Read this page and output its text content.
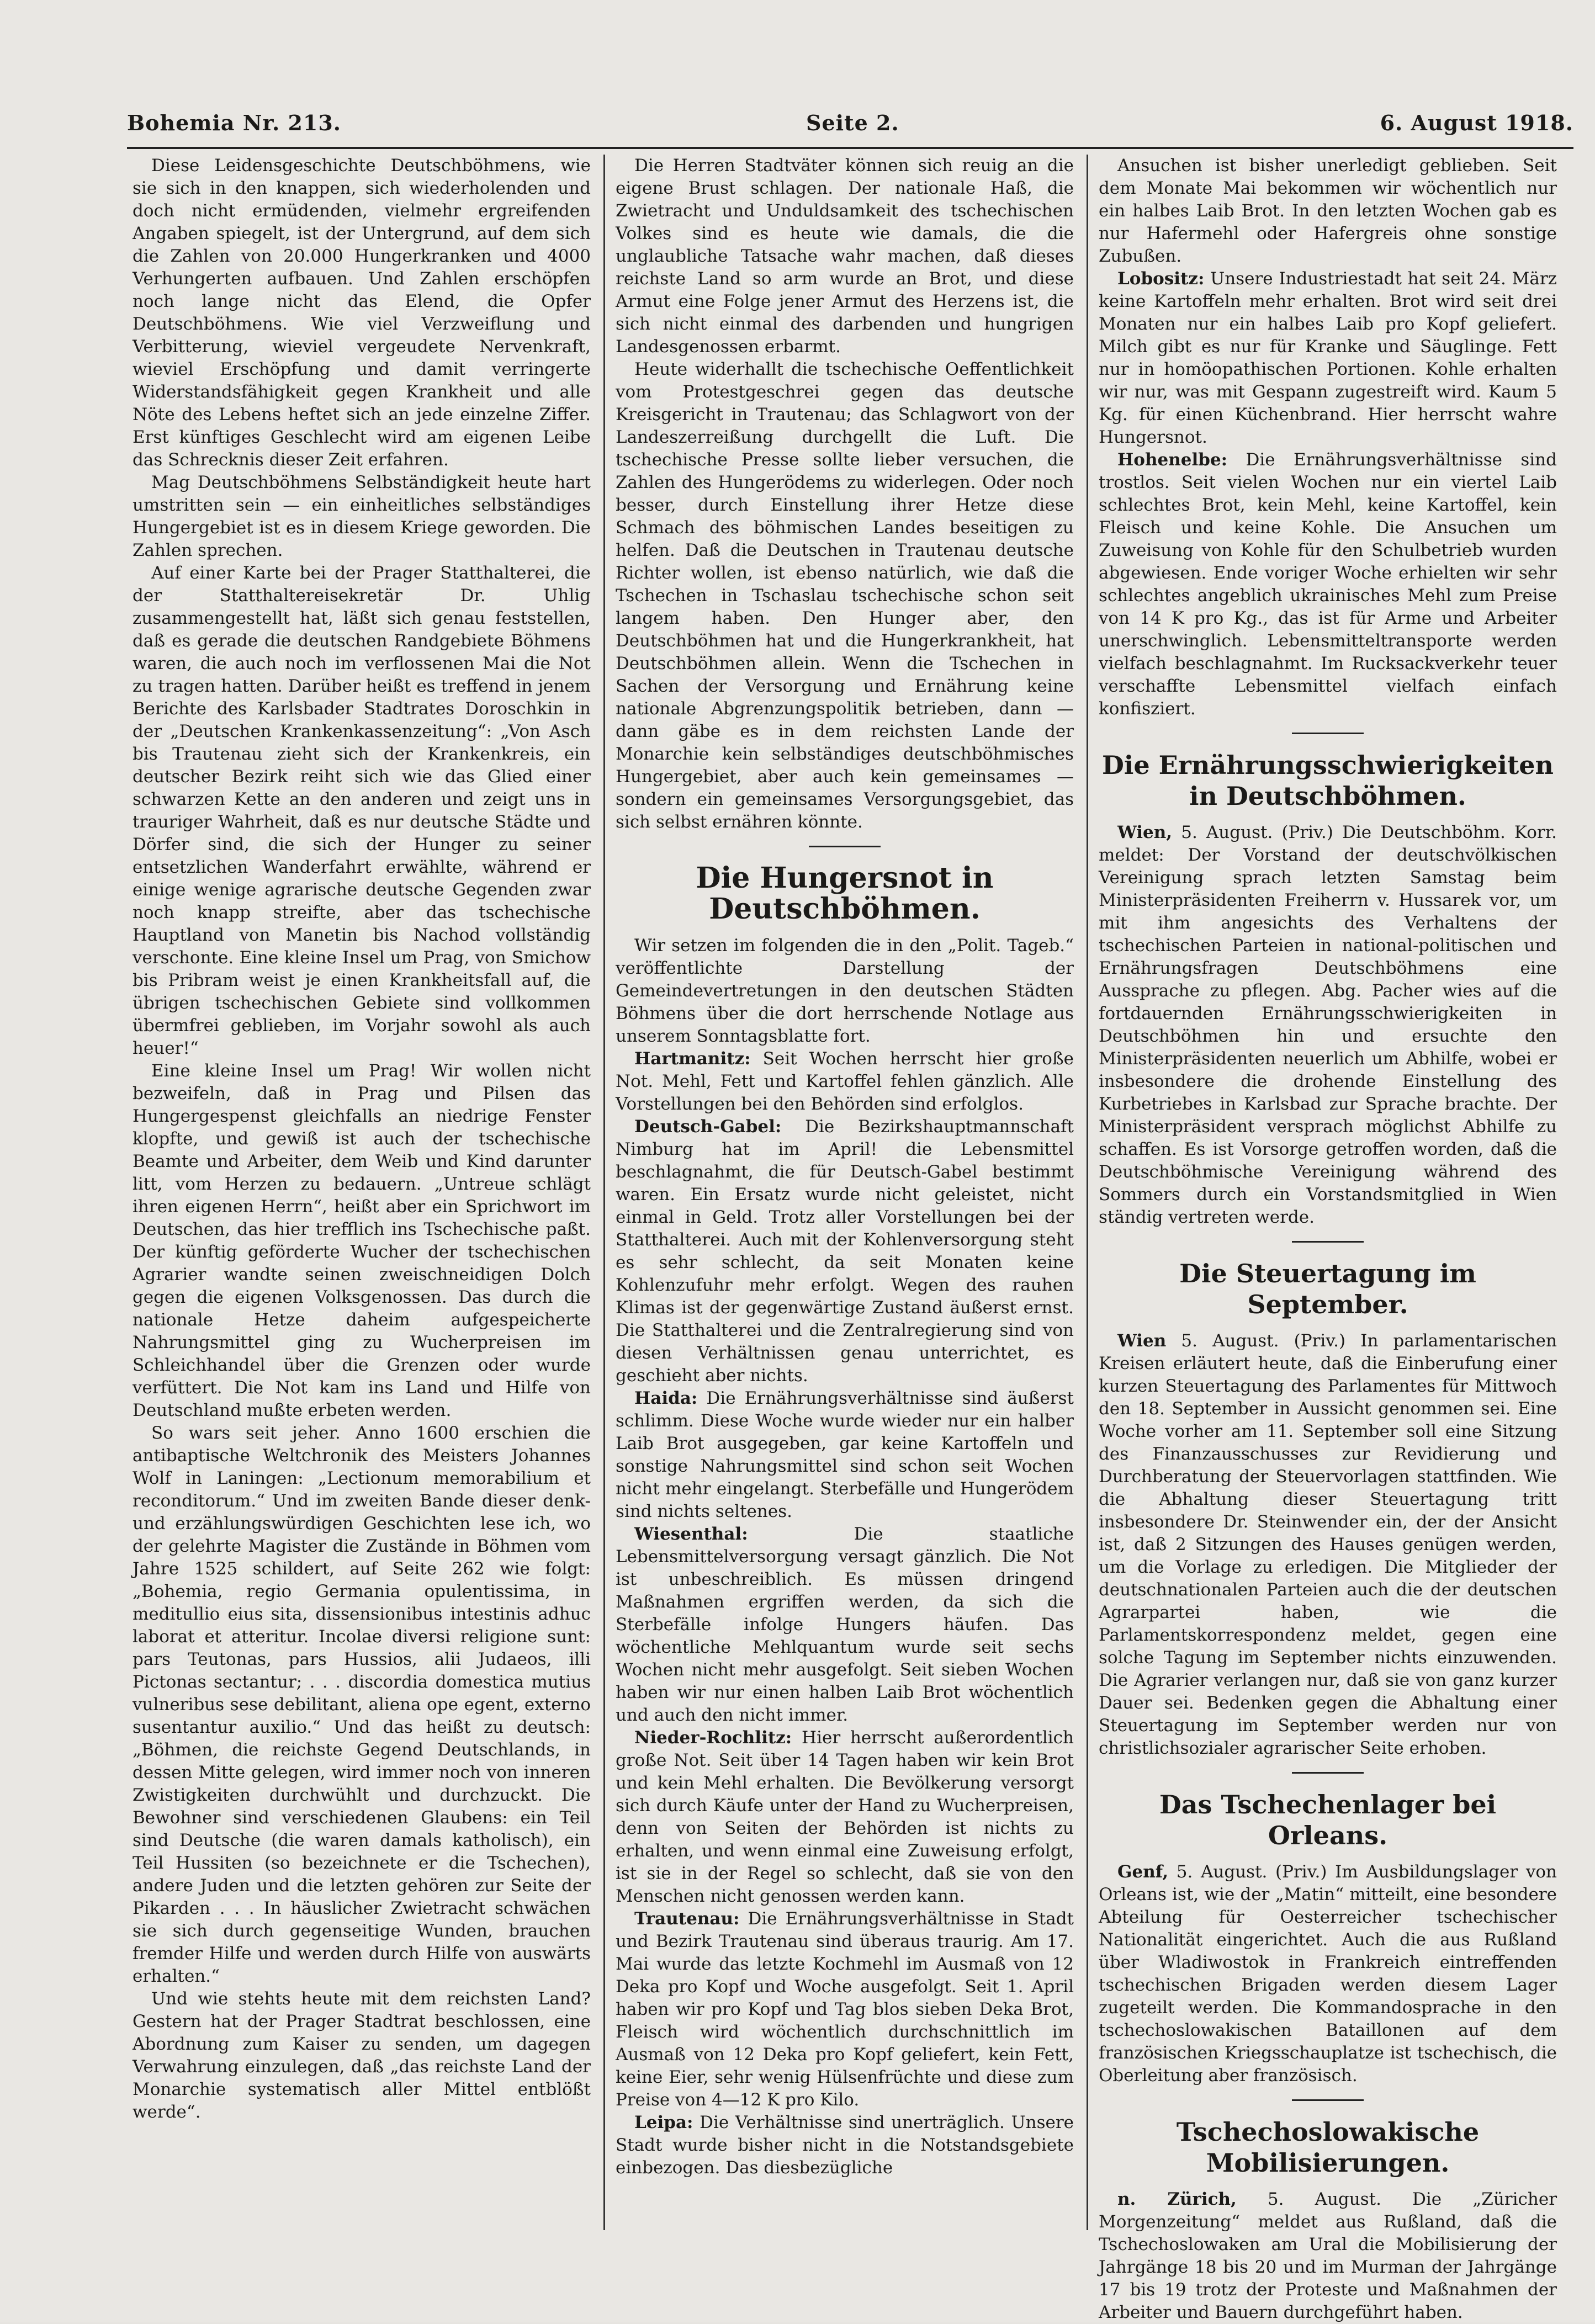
Bohemia Nr. 213.	Seite 2.	6. August 1918.

Diese Leidensgeschichte Deutschböhmens, wie sie sich in den knappen, sich wiederholenden und doch nicht ermüdenden, vielmehr ergreifenden Angaben spiegelt, ist der Untergrund, auf dem sich die Zahlen von 20.000 Hungerkranken und 4000 Verhungerten aufbauen. Und Zahlen erschöpfen noch lange nicht das Elend, die Opfer Deutschböhmens. Wie viel Verzweiflung und Verbitterung, wieviel vergeudete Nervenkraft, wieviel Erschöpfung und damit verringerte Widerstandsfähigkeit gegen Krankheit und alle Nöte des Lebens heftet sich an jede einzelne Ziffer. Erst künftiges Geschlecht wird am eigenen Leibe das Schrecknis dieser Zeit erfahren.

Mag Deutschböhmens Selbständigkeit heute hart umstritten sein — ein einheitliches selbständiges Hungergebiet ist es in diesem Kriege geworden. Die Zahlen sprechen.

Auf einer Karte bei der Prager Statthalterei, die der Statthaltereisekretär Dr. Uhlig zusammengestellt hat, läßt sich genau feststellen, daß es gerade die deutschen Randgebiete Böhmens waren, die auch noch im verflossenen Mai die Not zu tragen hatten. Darüber heißt es treffend in jenem Berichte des Karlsbader Stadtrates Doroschkin in der „Deutschen Krankenkassenzeitung“: „Von Asch bis Trautenau zieht sich der Krankenkreis, ein deutscher Bezirk reiht sich wie das Glied einer schwarzen Kette an den anderen und zeigt uns in trauriger Wahrheit, daß es nur deutsche Städte und Dörfer sind, die sich der Hunger zu seiner entsetzlichen Wanderfahrt erwählte, während er einige wenige agrarische deutsche Gegenden zwar noch knapp streifte, aber das tschechische Hauptland von Manetin bis Nachod vollständig verschonte. Eine kleine Insel um Prag, von Smichow bis Pribram weist je einen Krankheitsfall auf, die übrigen tschechischen Gebiete sind vollkommen übermfrei geblieben, im Vorjahr sowohl als auch heuer!“

Eine kleine Insel um Prag! Wir wollen nicht bezweifeln, daß in Prag und Pilsen das Hungergespenst gleichfalls an niedrige Fenster klopfte, und gewiß ist auch der tschechische Beamte und Arbeiter, dem Weib und Kind darunter litt, vom Herzen zu bedauern. „Untreue schlägt ihren eigenen Herrn“, heißt aber ein Sprichwort im Deutschen, das hier trefflich ins Tschechische paßt. Der künftig geförderte Wucher der tschechischen Agrarier wandte seinen zweischneidigen Dolch gegen die eigenen Volksgenossen. Das durch die nationale Hetze daheim aufgespeicherte Nahrungsmittel ging zu Wucherpreisen im Schleichhandel über die Grenzen oder wurde verfüttert. Die Not kam ins Land und Hilfe von Deutschland mußte erbeten werden.

So wars seit jeher. Anno 1600 erschien die antibaptische Weltchronik des Meisters Johannes Wolf in Laningen: „Lectionum memorabilium et reconditorum.“ Und im zweiten Bande dieser denk- und erzählungswürdigen Geschichten lese ich, wo der gelehrte Magister die Zustände in Böhmen vom Jahre 1525 schildert, auf Seite 262 wie folgt: „Bohemia, regio Germania opulentissima, in meditullio eius sita, dissensionibus intestinis adhuc laborat et atteritur. Incolae diversi religione sunt: pars Teutonas, pars Hussios, alii Judaeos, illi Pictonas sectantur; . . . discordia domestica mutius vulneribus sese debilitant, aliena ope egent, externo susentantur auxilio.“ Und das heißt zu deutsch: „Böhmen, die reichste Gegend Deutschlands, in dessen Mitte gelegen, wird immer noch von inneren Zwistigkeiten durchwühlt und durchzuckt. Die Bewohner sind verschiedenen Glaubens: ein Teil sind Deutsche (die waren damals katholisch), ein Teil Hussiten (so bezeichnete er die Tschechen), andere Juden und die letzten gehören zur Seite der Pikarden . . . In häuslicher Zwietracht schwächen sie sich durch gegenseitige Wunden, brauchen fremder Hilfe und werden durch Hilfe von auswärts erhalten.“

Und wie stehts heute mit dem reichsten Land? Gestern hat der Prager Stadtrat beschlossen, eine Abordnung zum Kaiser zu senden, um dagegen Verwahrung einzulegen, daß „das reichste Land der Monarchie systematisch aller Mittel entblößt werde“.

Die Herren Stadtväter können sich reuig an die eigene Brust schlagen. Der nationale Haß, die Zwietracht und Unduldsamkeit des tschechischen Volkes sind es heute wie damals, die die unglaubliche Tatsache wahr machen, daß dieses reichste Land so arm wurde an Brot, und diese Armut eine Folge jener Armut des Herzens ist, die sich nicht einmal des darbenden und hungrigen Landesgenossen erbarmt.

Heute widerhallt die tschechische Oeffentlichkeit vom Protestgeschrei gegen das deutsche Kreisgericht in Trautenau; das Schlagwort von der Landeszerreißung durchgellt die Luft. Die tschechische Presse sollte lieber versuchen, die Zahlen des Hungerödems zu widerlegen. Oder noch besser, durch Einstellung ihrer Hetze diese Schmach des böhmischen Landes beseitigen zu helfen. Daß die Deutschen in Trautenau deutsche Richter wollen, ist ebenso natürlich, wie daß die Tschechen in Tschaslau tschechische schon seit langem haben. Den Hunger aber, den Deutschböhmen hat und die Hungerkrankheit, hat Deutschböhmen allein. Wenn die Tschechen in Sachen der Versorgung und Ernährung keine nationale Abgrenzungspolitik betrieben, dann — dann gäbe es in dem reichsten Lande der Monarchie kein selbständiges deutschböhmisches Hungergebiet, aber auch kein gemeinsames — sondern ein gemeinsames Versorgungsgebiet, das sich selbst ernähren könnte.

Die Hungersnot in Deutschböhmen.

Wir setzen im folgenden die in den „Polit. Tageb.“ veröffentlichte Darstellung der Gemeindevertretungen in den deutschen Städten Böhmens über die dort herrschende Notlage aus unserem Sonntagsblatte fort.

Hartmanitz: Seit Wochen herrscht hier große Not. Mehl, Fett und Kartoffel fehlen gänzlich. Alle Vorstellungen bei den Behörden sind erfolglos.

Deutsch-Gabel: Die Bezirkshauptmannschaft Nimburg hat im April! die Lebensmittel beschlagnahmt, die für Deutsch-Gabel bestimmt waren. Ein Ersatz wurde nicht geleistet, nicht einmal in Geld. Trotz aller Vorstellungen bei der Statthalterei. Auch mit der Kohlenversorgung steht es sehr schlecht, da seit Monaten keine Kohlenzufuhr mehr erfolgt. Wegen des rauhen Klimas ist der gegenwärtige Zustand äußerst ernst. Die Statthalterei und die Zentralregierung sind von diesen Verhältnissen genau unterrichtet, es geschieht aber nichts.

Haida: Die Ernährungsverhältnisse sind äußerst schlimm. Diese Woche wurde wieder nur ein halber Laib Brot ausgegeben, gar keine Kartoffeln und sonstige Nahrungsmittel sind schon seit Wochen nicht mehr eingelangt. Sterbefälle und Hungerödem sind nichts seltenes.

Wiesenthal: Die staatliche Lebensmittelversorgung versagt gänzlich. Die Not ist unbeschreiblich. Es müssen dringend Maßnahmen ergriffen werden, da sich die Sterbefälle infolge Hungers häufen. Das wöchentliche Mehlquantum wurde seit sechs Wochen nicht mehr ausgefolgt. Seit sieben Wochen haben wir nur einen halben Laib Brot wöchentlich und auch den nicht immer.

Nieder-Rochlitz: Hier herrscht außerordentlich große Not. Seit über 14 Tagen haben wir kein Brot und kein Mehl erhalten. Die Bevölkerung versorgt sich durch Käufe unter der Hand zu Wucherpreisen, denn von Seiten der Behörden ist nichts zu erhalten, und wenn einmal eine Zuweisung erfolgt, ist sie in der Regel so schlecht, daß sie von den Menschen nicht genossen werden kann.

Trautenau: Die Ernährungsverhältnisse in Stadt und Bezirk Trautenau sind überaus traurig. Am 17. Mai wurde das letzte Kochmehl im Ausmaß von 12 Deka pro Kopf und Woche ausgefolgt. Seit 1. April haben wir pro Kopf und Tag blos sieben Deka Brot, Fleisch wird wöchentlich durchschnittlich im Ausmaß von 12 Deka pro Kopf geliefert, kein Fett, keine Eier, sehr wenig Hülsenfrüchte und diese zum Preise von 4—12 K pro Kilo.

Leipa: Die Verhältnisse sind unerträglich. Unsere Stadt wurde bisher nicht in die Notstandsgebiete einbezogen. Das diesbezügliche

Ansuchen ist bisher unerledigt geblieben. Seit dem Monate Mai bekommen wir wöchentlich nur ein halbes Laib Brot. In den letzten Wochen gab es nur Hafermehl oder Hafergreis ohne sonstige Zubußen.

Lobositz: Unsere Industriestadt hat seit 24. März keine Kartoffeln mehr erhalten. Brot wird seit drei Monaten nur ein halbes Laib pro Kopf geliefert. Milch gibt es nur für Kranke und Säuglinge. Fett nur in homöopathischen Portionen. Kohle erhalten wir nur, was mit Gespann zugestreift wird. Kaum 5 Kg. für einen Küchenbrand. Hier herrscht wahre Hungersnot.

Hohenelbe: Die Ernährungsverhältnisse sind trostlos. Seit vielen Wochen nur ein viertel Laib schlechtes Brot, kein Mehl, keine Kartoffel, kein Fleisch und keine Kohle. Die Ansuchen um Zuweisung von Kohle für den Schulbetrieb wurden abgewiesen. Ende voriger Woche erhielten wir sehr schlechtes angeblich ukrainisches Mehl zum Preise von 14 K pro Kg., das ist für Arme und Arbeiter unerschwinglich. Lebensmitteltransporte werden vielfach beschlagnahmt. Im Rucksackverkehr teuer verschaffte Lebensmittel vielfach einfach konfisziert.

Die Ernährungsschwierigkeiten in Deutschböhmen.

Wien, 5. August. (Priv.) Die Deutschböhm. Korr. meldet: Der Vorstand der deutschvölkischen Vereinigung sprach letzten Samstag beim Ministerpräsidenten Freiherrn v. Hussarek vor, um mit ihm angesichts des Verhaltens der tschechischen Parteien in national-politischen und Ernährungsfragen Deutschböhmens eine Aussprache zu pflegen. Abg. Pacher wies auf die fortdauernden Ernährungsschwierigkeiten in Deutschböhmen hin und ersuchte den Ministerpräsidenten neuerlich um Abhilfe, wobei er insbesondere die drohende Einstellung des Kurbetriebes in Karlsbad zur Sprache brachte. Der Ministerpräsident versprach möglichst Abhilfe zu schaffen. Es ist Vorsorge getroffen worden, daß die Deutschböhmische Vereinigung während des Sommers durch ein Vorstandsmitglied in Wien ständig vertreten werde.

Die Steuertagung im September.

Wien 5. August. (Priv.) In parlamentarischen Kreisen erläutert heute, daß die Einberufung einer kurzen Steuertagung des Parlamentes für Mittwoch den 18. September in Aussicht genommen sei. Eine Woche vorher am 11. September soll eine Sitzung des Finanzausschusses zur Revidierung und Durchberatung der Steuervorlagen stattfinden. Wie die Abhaltung dieser Steuertagung tritt insbesondere Dr. Steinwender ein, der der Ansicht ist, daß 2 Sitzungen des Hauses genügen werden, um die Vorlage zu erledigen. Die Mitglieder der deutschnationalen Parteien auch die der deutschen Agrarpartei haben, wie die Parlamentskorrespondenz meldet, gegen eine solche Tagung im September nichts einzuwenden. Die Agrarier verlangen nur, daß sie von ganz kurzer Dauer sei. Bedenken gegen die Abhaltung einer Steuertagung im September werden nur von christlichsozialer agrarischer Seite erhoben.

Das Tschechenlager bei Orleans.

Genf, 5. August. (Priv.) Im Ausbildungslager von Orleans ist, wie der „Matin“ mitteilt, eine besondere Abteilung für Oesterreicher tschechischer Nationalität eingerichtet. Auch die aus Rußland über Wladiwostok in Frankreich eintreffenden tschechischen Brigaden werden diesem Lager zugeteilt werden. Die Kommandosprache in den tschechoslowakischen Bataillonen auf dem französischen Kriegsschauplatze ist tschechisch, die Oberleitung aber französisch.

Tschechoslowakische Mobilisierungen.

n. Zürich, 5. August. Die „Züricher Morgenzeitung“ meldet aus Rußland, daß die Tschechoslowaken am Ural die Mobilisierung der Jahrgänge 18 bis 20 und im Murman der Jahrgänge 17 bis 19 trotz der Proteste und Maßnahmen der Arbeiter und Bauern durchgeführt haben.
